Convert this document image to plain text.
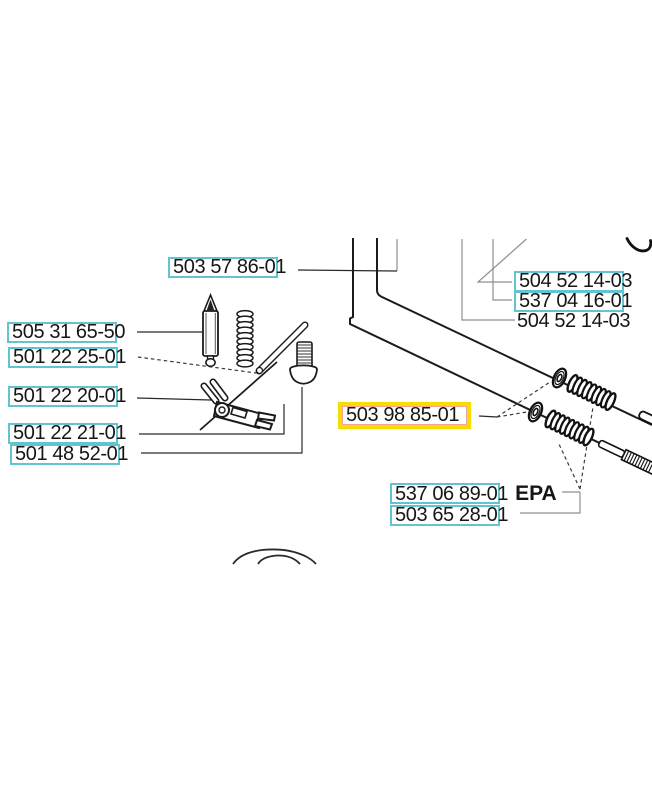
503 57 86-01
505 31 65-50
501 22 25-01
501 22 20-01
501 22 21-01
501 48 52-01
504 52 14-03
537 04 16-01
504 52 14-03
503 98 85-01
537 06 89-01 EPA
503 65 28-01
